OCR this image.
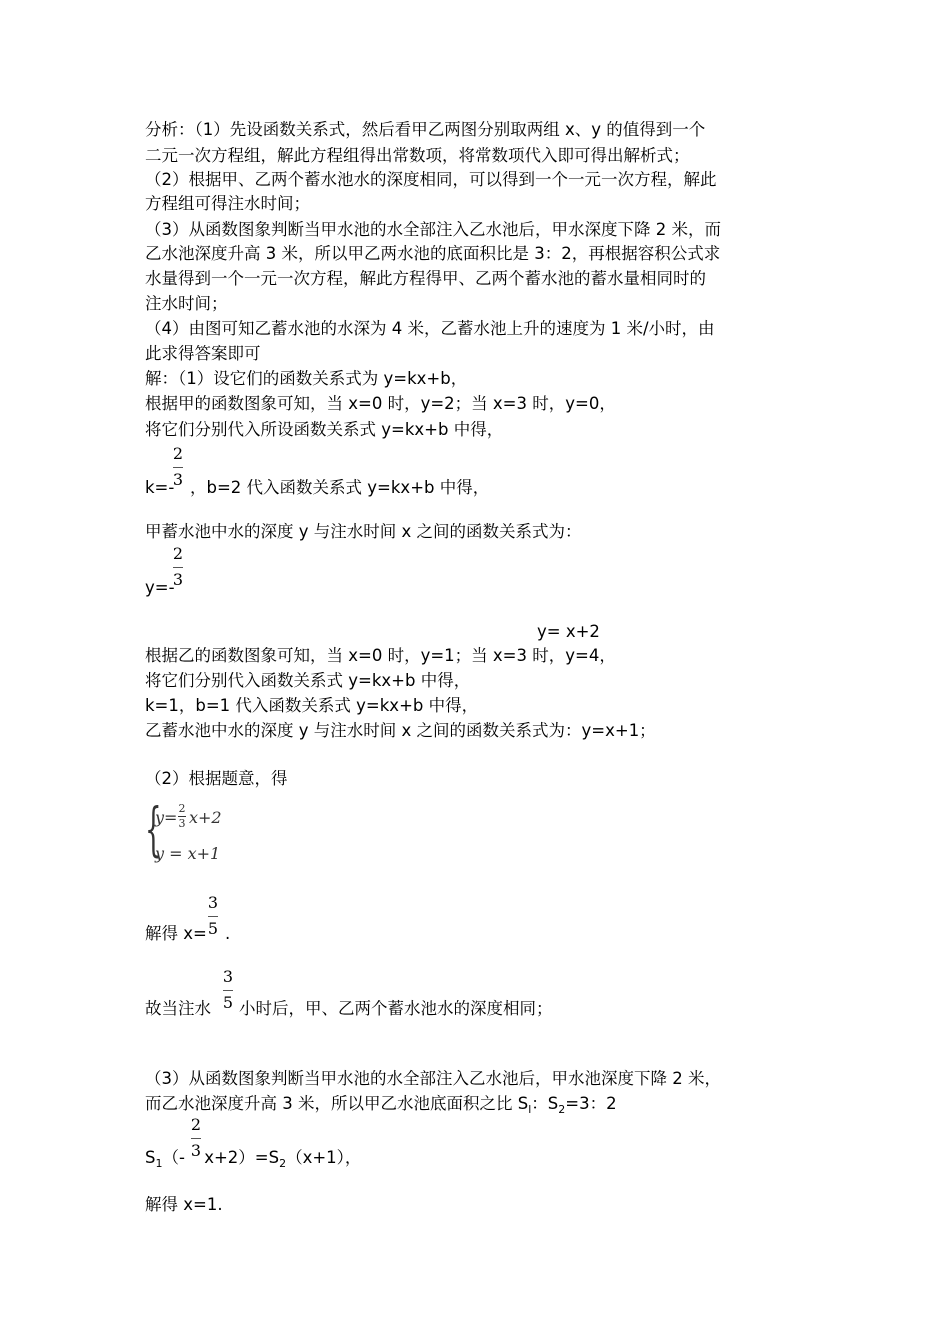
分析：（1）先设函数关系式，然后看甲乙两图分别取两组 x、y 的值得到一个
二元一次方程组，解此方程组得出常数项，将常数项代入即可得出解析式；
（2）根据甲、乙两个蓄水池水的深度相同，可以得到一个一元一次方程，解此
方程组可得注水时间；
（3）从函数图象判断当甲水池的水全部注入乙水池后，甲水深度下降 2 米，而
乙水池深度升高 3 米，所以甲乙两水池的底面积比是 3：2，再根据容积公式求
水量得到一个一元一次方程，解此方程得甲、乙两个蓄水池的蓄水量相同时的
注水时间；
（4）由图可知乙蓄水池的水深为 4 米，乙蓄水池上升的速度为 1 米/小时，由
此求得答案即可
解：（1）设它们的函数关系式为 y=kx+b，
根据甲的函数图象可知，当 x=0 时，y=2；当 x=3 时，y=0，
将它们分别代入所设函数关系式 y=kx+b 中得，
2
3
k=- ，b=2 代入函数关系式 y=kx+b 中得，
甲蓄水池中水的深度 y 与注水时间 x 之间的函数关系式为：
2
3
y=-
y= x+2
根据乙的函数图象可知，当 x=0 时，y=1；当 x=3 时，y=4，
将它们分别代入函数关系式 y=kx+b 中得，
k=1，b=1 代入函数关系式 y=kx+b 中得，
乙蓄水池中水的深度 y 与注水时间 x 之间的函数关系式为：y=x+1；
（2）根据题意，得
{
y= 2
3 x+2
y = x+1
3
5
解得 x= .
3
5
故当注水 小时后，甲、乙两个蓄水池水的深度相同；
（3）从函数图象判断当甲水池的水全部注入乙水池后，甲水池深度下降 2 米，
而乙水池深度升高 3 米，所以甲乙水池底面积之比 $S_l$：$S_2=3$：2
2
3
$S_1(-$ $x+2)=S_2(x+1)$，
解得 x=1.
